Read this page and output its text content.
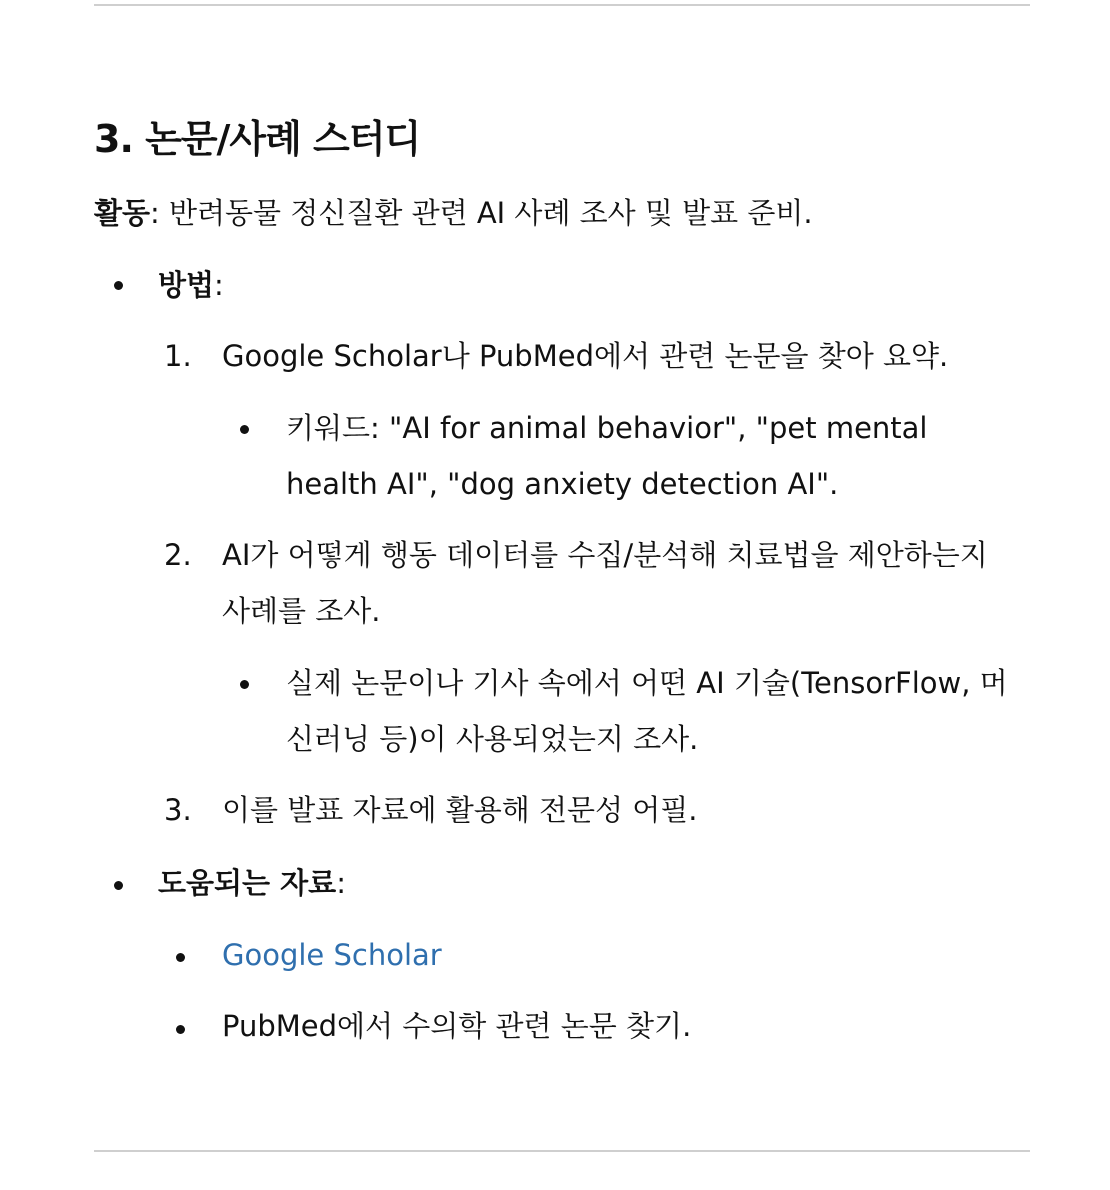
3. 논문/사례 스터디

활동: 반려동물 정신질환 관련 AI 사례 조사 및 발표 준비.

방법:

1. Google Scholar나 PubMed에서 관련 논문을 찾아 요약.

키워드: "AI for animal behavior", "pet mental health AI", "dog anxiety detection AI".

2. AI가 어떻게 행동 데이터를 수집/분석해 치료법을 제안하는지 사례를 조사.

실제 논문이나 기사 속에서 어떤 AI 기술(TensorFlow, 머신러닝 등)이 사용되었는지 조사.

3. 이를 발표 자료에 활용해 전문성 어필.

도움되는 자료:

Google Scholar

PubMed에서 수의학 관련 논문 찾기.
